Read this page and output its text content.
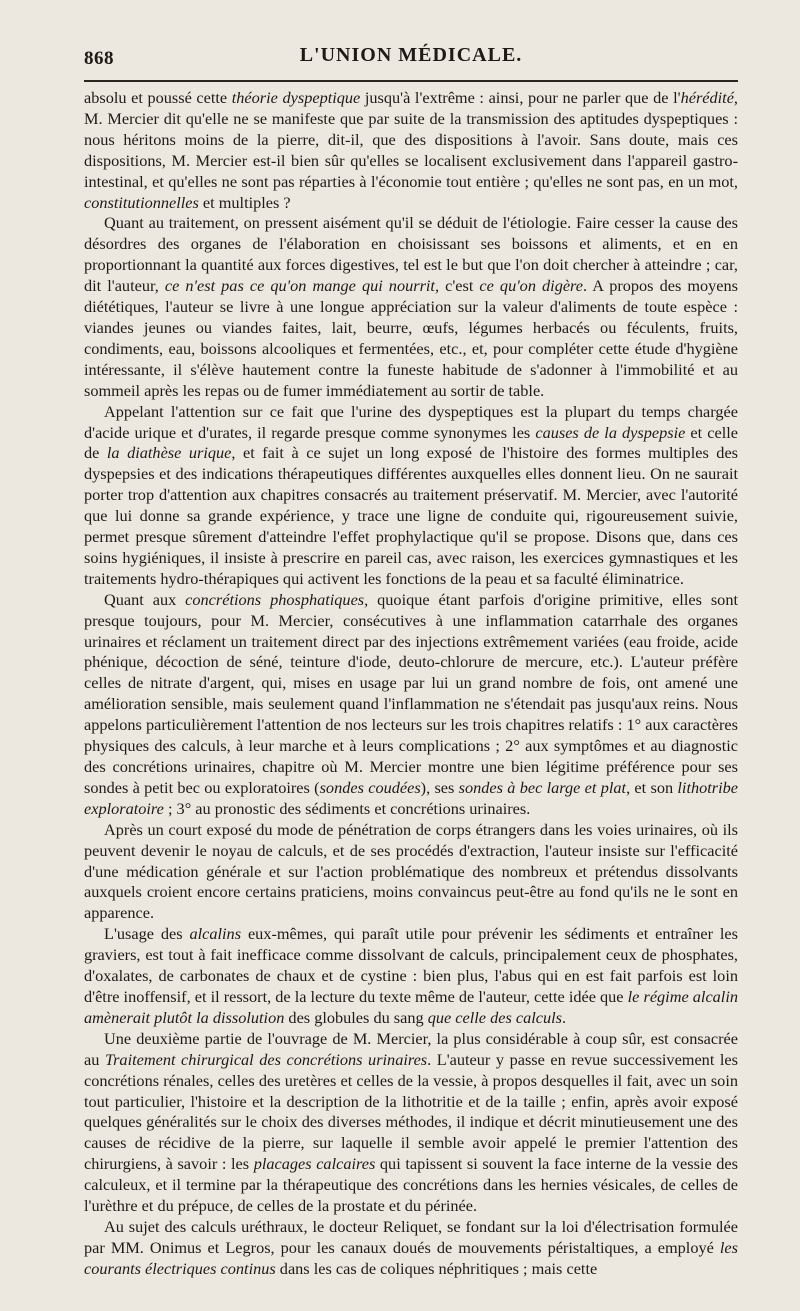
868	L'UNION MÉDICALE.

absolu et poussé cette théorie dyspeptique jusqu'à l'extrême : ainsi, pour ne parler que de l'hérédité, M. Mercier dit qu'elle ne se manifeste que par suite de la transmission des aptitudes dyspeptiques : nous héritons moins de la pierre, dit-il, que des dispositions à l'avoir. Sans doute, mais ces dispositions, M. Mercier est-il bien sûr qu'elles se localisent exclusivement dans l'appareil gastro-intestinal, et qu'elles ne sont pas réparties à l'économie tout entière ; qu'elles ne sont pas, en un mot, constitutionnelles et multiples ?

Quant au traitement, on pressent aisément qu'il se déduit de l'étiologie. Faire cesser la cause des désordres des organes de l'élaboration en choisissant ses boissons et aliments, et en en proportionnant la quantité aux forces digestives, tel est le but que l'on doit chercher à atteindre ; car, dit l'auteur, ce n'est pas ce qu'on mange qui nourrit, c'est ce qu'on digère. A propos des moyens diététiques, l'auteur se livre à une longue appréciation sur la valeur d'aliments de toute espèce : viandes jeunes ou viandes faites, lait, beurre, œufs, légumes herbacés ou féculents, fruits, condiments, eau, boissons alcooliques et fermentées, etc., et, pour compléter cette étude d'hygiène intéressante, il s'élève hautement contre la funeste habitude de s'adonner à l'immobilité et au sommeil après les repas ou de fumer immédiatement au sortir de table.

Appelant l'attention sur ce fait que l'urine des dyspeptiques est la plupart du temps chargée d'acide urique et d'urates, il regarde presque comme synonymes les causes de la dyspepsie et celle de la diathèse urique, et fait à ce sujet un long exposé de l'histoire des formes multiples des dyspepsies et des indications thérapeutiques différentes auxquelles elles donnent lieu. On ne saurait porter trop d'attention aux chapitres consacrés au traitement préservatif. M. Mercier, avec l'autorité que lui donne sa grande expérience, y trace une ligne de conduite qui, rigoureusement suivie, permet presque sûrement d'atteindre l'effet prophylactique qu'il se propose. Disons que, dans ces soins hygiéniques, il insiste à prescrire en pareil cas, avec raison, les exercices gymnastiques et les traitements hydro-thérapiques qui activent les fonctions de la peau et sa faculté éliminatrice.

Quant aux concrétions phosphatiques, quoique étant parfois d'origine primitive, elles sont presque toujours, pour M. Mercier, consécutives à une inflammation catarrhale des organes urinaires et réclament un traitement direct par des injections extrêmement variées (eau froide, acide phénique, décoction de séné, teinture d'iode, deuto-chlorure de mercure, etc.). L'auteur préfère celles de nitrate d'argent, qui, mises en usage par lui un grand nombre de fois, ont amené une amélioration sensible, mais seulement quand l'inflammation ne s'étendait pas jusqu'aux reins. Nous appelons particulièrement l'attention de nos lecteurs sur les trois chapitres relatifs : 1° aux caractères physiques des calculs, à leur marche et à leurs complications ; 2° aux symptômes et au diagnostic des concrétions urinaires, chapitre où M. Mercier montre une bien légitime préférence pour ses sondes à petit bec ou exploratoires (sondes coudées), ses sondes à bec large et plat, et son lithotribe exploratoire ; 3° au pronostic des sédiments et concrétions urinaires.

Après un court exposé du mode de pénétration de corps étrangers dans les voies urinaires, où ils peuvent devenir le noyau de calculs, et de ses procédés d'extraction, l'auteur insiste sur l'efficacité d'une médication générale et sur l'action problématique des nombreux et prétendus dissolvants auxquels croient encore certains praticiens, moins convaincus peut-être au fond qu'ils ne le sont en apparence.

L'usage des alcalins eux-mêmes, qui paraît utile pour prévenir les sédiments et entraîner les graviers, est tout à fait inefficace comme dissolvant de calculs, principalement ceux de phosphates, d'oxalates, de carbonates de chaux et de cystine : bien plus, l'abus qui en est fait parfois est loin d'être inoffensif, et il ressort, de la lecture du texte même de l'auteur, cette idée que le régime alcalin amènerait plutôt la dissolution des globules du sang que celle des calculs.

Une deuxième partie de l'ouvrage de M. Mercier, la plus considérable à coup sûr, est consacrée au Traitement chirurgical des concrétions urinaires. L'auteur y passe en revue successivement les concrétions rénales, celles des uretères et celles de la vessie, à propos desquelles il fait, avec un soin tout particulier, l'histoire et la description de la lithotritie et de la taille ; enfin, après avoir exposé quelques généralités sur le choix des diverses méthodes, il indique et décrit minutieusement une des causes de récidive de la pierre, sur laquelle il semble avoir appelé le premier l'attention des chirurgiens, à savoir : les placages calcaires qui tapissent si souvent la face interne de la vessie des calculeux, et il termine par la thérapeutique des concrétions dans les hernies vésicales, de celles de l'urèthre et du prépuce, de celles de la prostate et du périnée.

Au sujet des calculs uréthraux, le docteur Reliquet, se fondant sur la loi d'électrisation formulée par MM. Onimus et Legros, pour les canaux doués de mouvements péristaltiques, a employé les courants électriques continus dans les cas de coliques néphritiques ; mais cette
